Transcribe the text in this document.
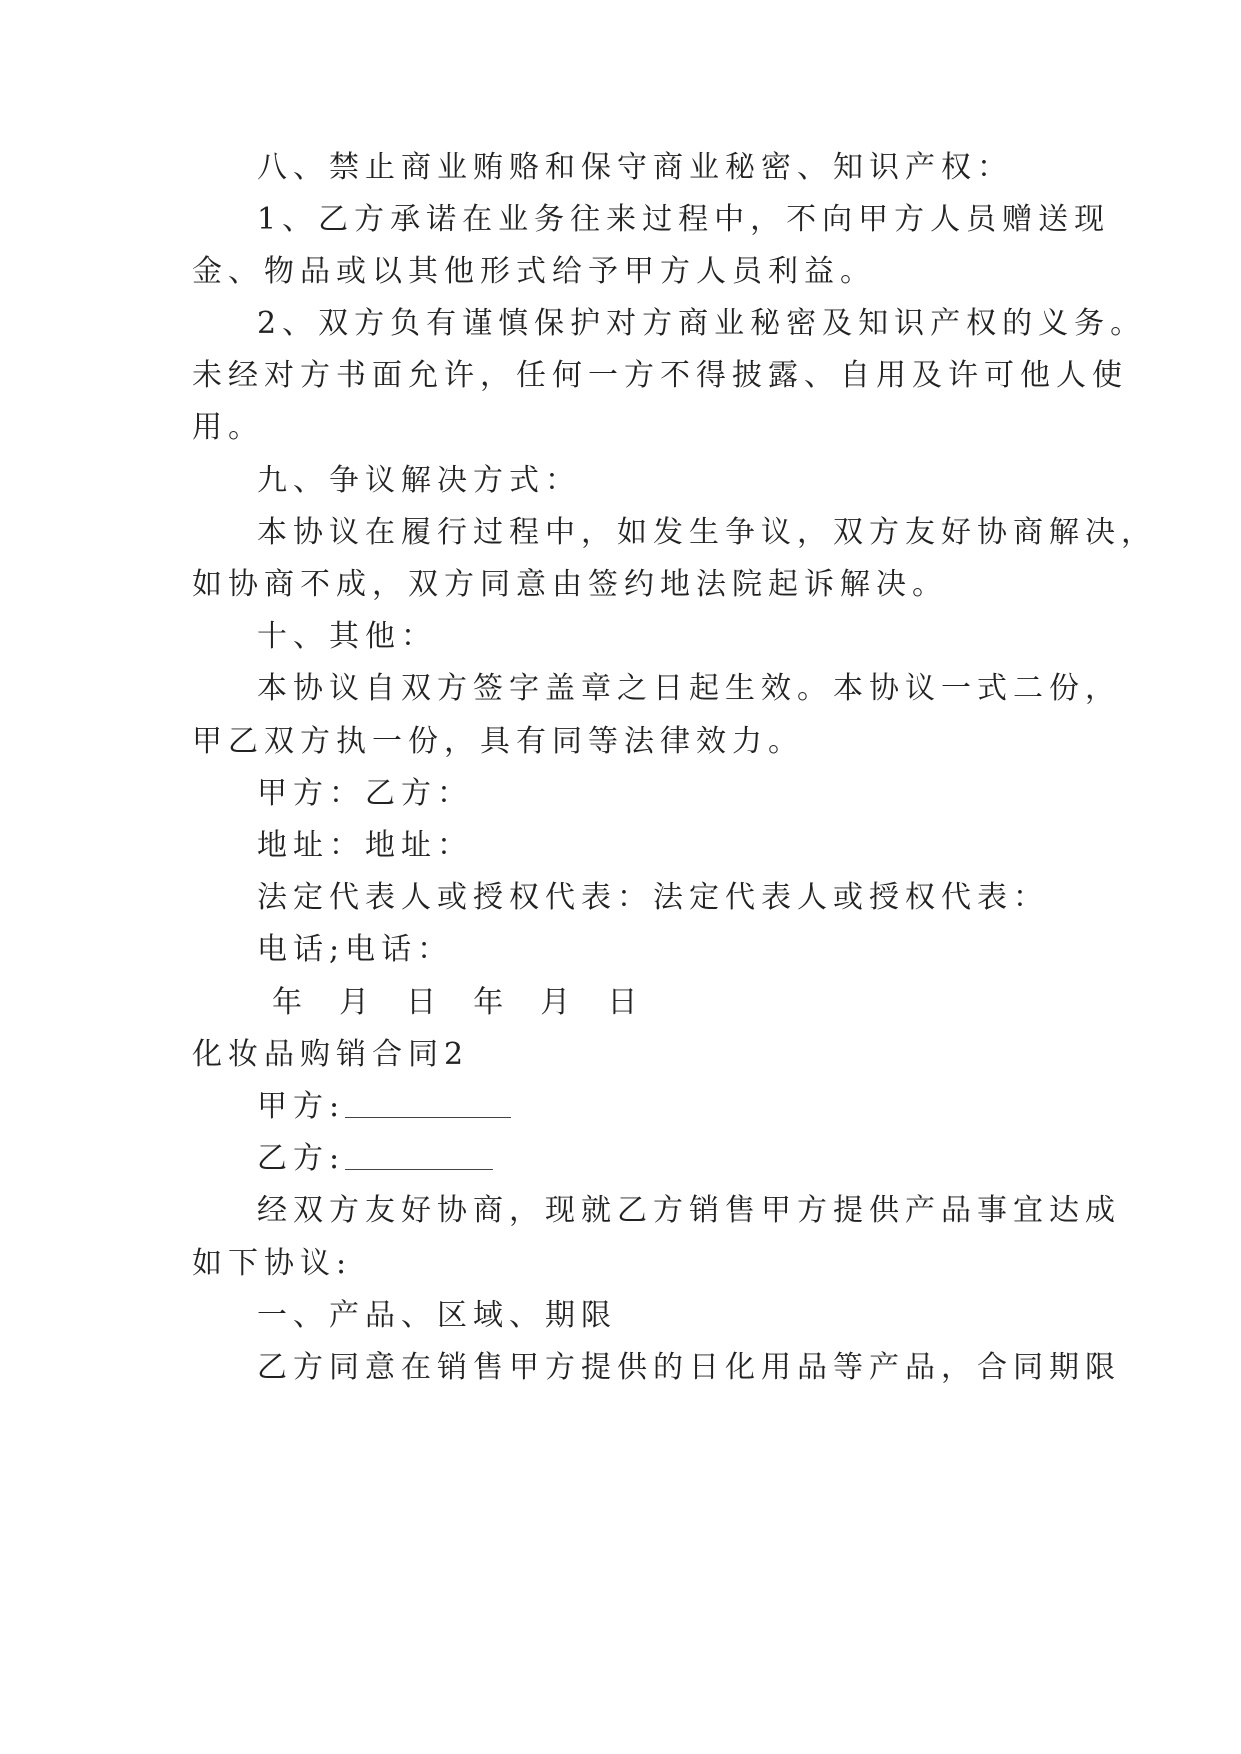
八、禁止商业贿赂和保守商业秘密、知识产权：
1、乙方承诺在业务往来过程中，不向甲方人员赠送现
金、物品或以其他形式给予甲方人员利益。
2、双方负有谨慎保护对方商业秘密及知识产权的义务。
未经对方书面允许，任何一方不得披露、自用及许可他人使
用。
九、争议解决方式：
本协议在履行过程中，如发生争议，双方友好协商解决，
如协商不成，双方同意由签约地法院起诉解决。
十、其他：
本协议自双方签字盖章之日起生效。本协议一式二份，
甲乙双方执一份，具有同等法律效力。
甲方：乙方：
地址：地址：
法定代表人或授权代表：法定代表人或授权代表：
电话;电话：
年  月  日  年  月  日
化妆品购销合同2
甲方:
乙方:
经双方友好协商，现就乙方销售甲方提供产品事宜达成
如下协议:
一、产品、区域、期限
乙方同意在销售甲方提供的日化用品等产品，合同期限
